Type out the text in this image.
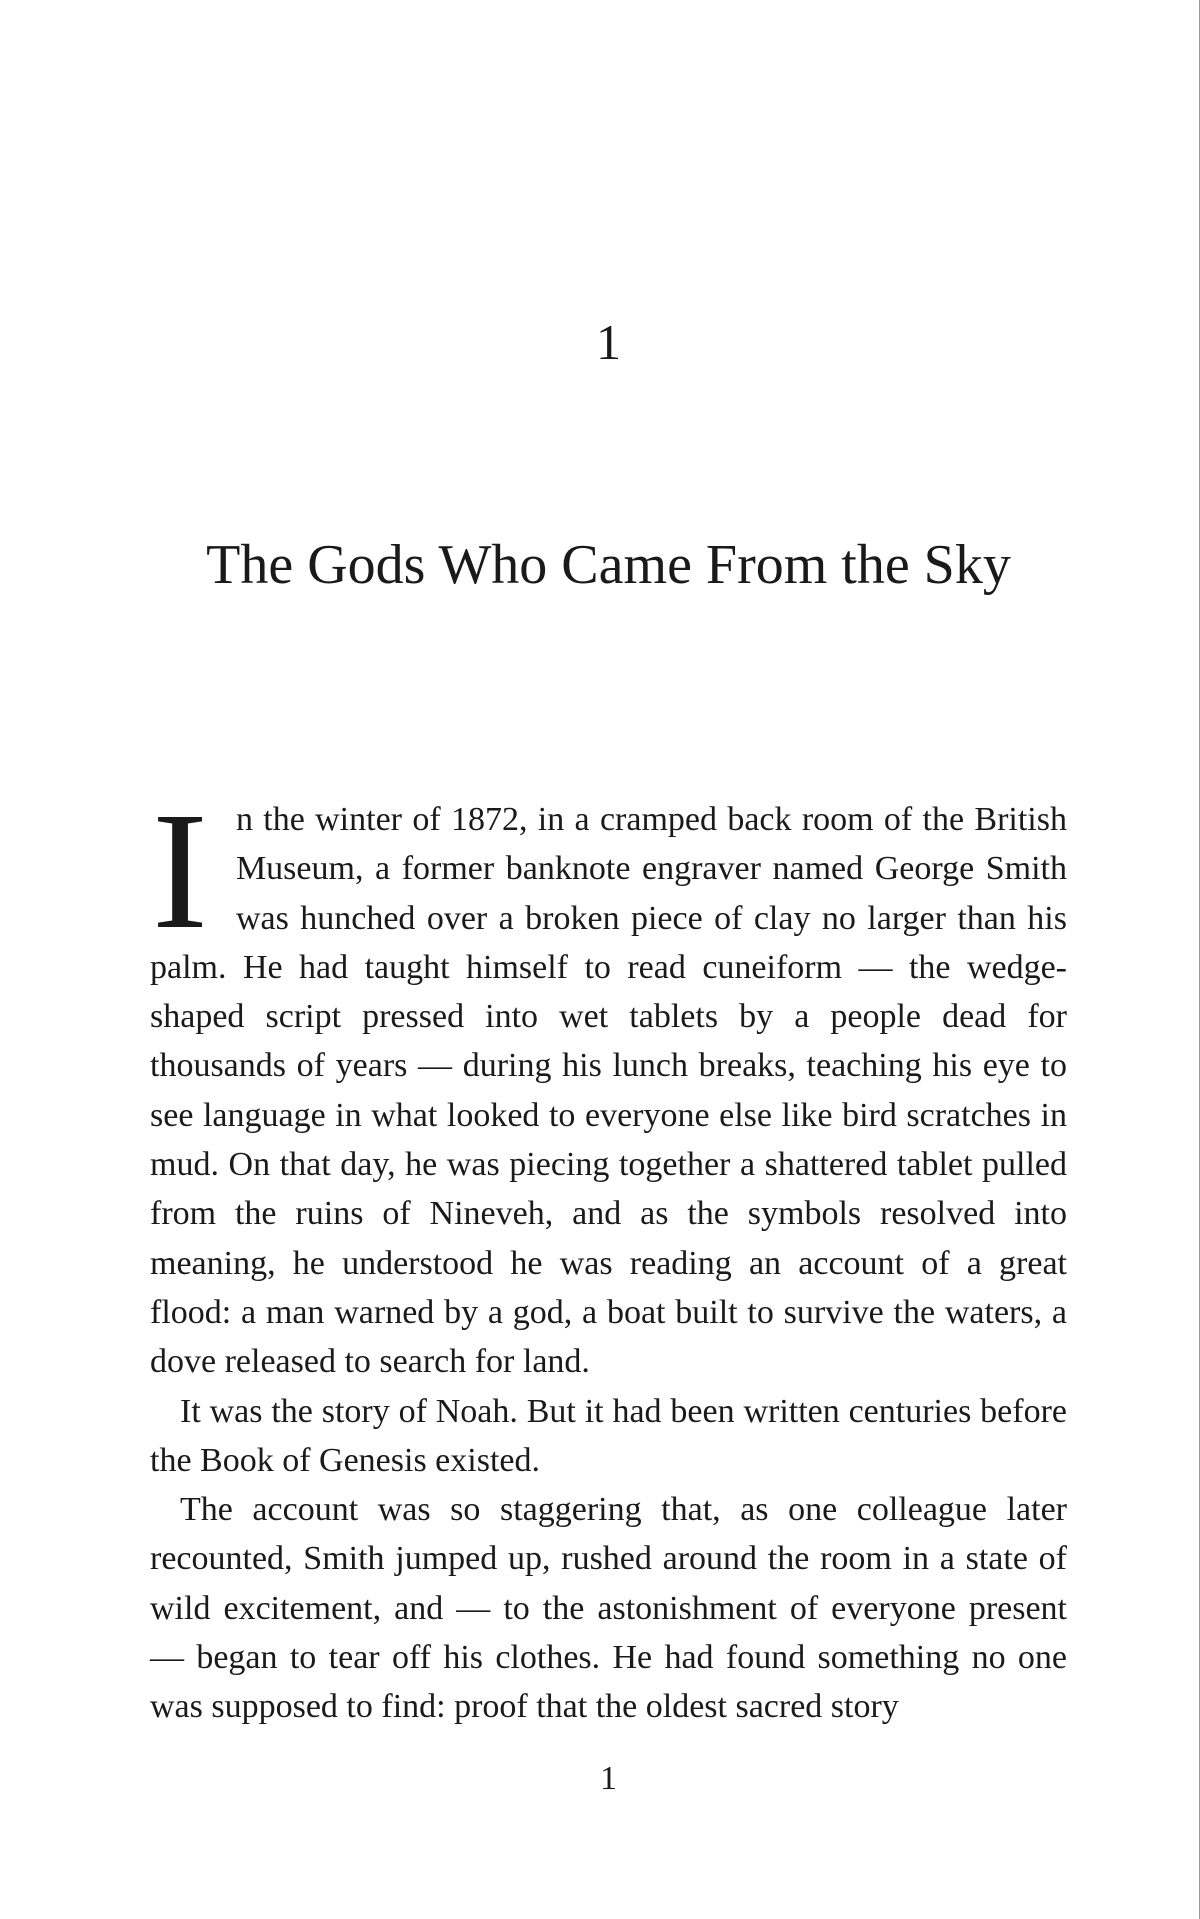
1
The Gods Who Came From the Sky

In the winter of 1872, in a cramped back room of the British Museum, a former banknote engraver named George Smith was hunched over a broken piece of clay no larger than his palm. He had taught himself to read cuneiform — the wedge-shaped script pressed into wet tablets by a people dead for thousands of years — during his lunch breaks, teaching his eye to see language in what looked to everyone else like bird scratches in mud. On that day, he was piecing together a shattered tablet pulled from the ruins of Nineveh, and as the symbols resolved into meaning, he understood he was reading an account of a great flood: a man warned by a god, a boat built to survive the waters, a dove released to search for land.

It was the story of Noah. But it had been written centuries before the Book of Genesis existed.

The account was so staggering that, as one colleague later recounted, Smith jumped up, rushed around the room in a state of wild excitement, and — to the astonishment of everyone present — began to tear off his clothes. He had found something no one was supposed to find: proof that the oldest sacred story

1
